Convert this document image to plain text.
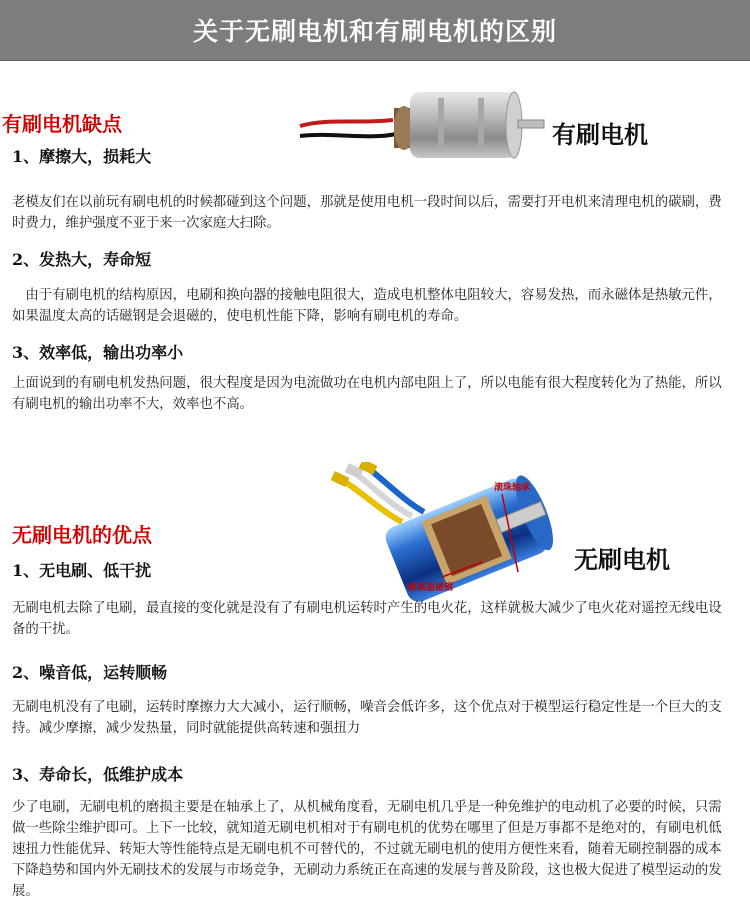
关于无刷电机和有刷电机的区别
有刷电机缺点	有刷电机
1、摩擦大，损耗大

老模友们在以前玩有刷电机的时候都碰到这个问题，那就是使用电机一段时间以后，需要打开电机来清理电机的碳刷，费时费力，维护强度不亚于来一次家庭大扫除。

2、发热大，寿命短

　由于有刷电机的结构原因，电刷和换向器的接触电阻很大，造成电机整体电阻较大，容易发热，而永磁体是热敏元件，如果温度太高的话磁钢是会退磁的，使电机性能下降，影响有刷电机的寿命。

3、效率低，输出功率小

上面说到的有刷电机发热问题，很大程度是因为电流做功在电机内部电阻上了，所以电能有很大程度转化为了热能，所以有刷电机的输出功率不大，效率也不高。

滚珠轴承
耐高温磁钢
无刷电机
无刷电机的优点
1、无电刷、低干扰

无刷电机去除了电刷，最直接的变化就是没有了有刷电机运转时产生的电火花，这样就极大减少了电火花对遥控无线电设备的干扰。

2、噪音低，运转顺畅

无刷电机没有了电刷，运转时摩擦力大大减小，运行顺畅，噪音会低许多，这个优点对于模型运行稳定性是一个巨大的支持。减少摩擦，减少发热量，同时就能提供高转速和强扭力

3、寿命长，低维护成本

少了电刷，无刷电机的磨损主要是在轴承上了，从机械角度看，无刷电机几乎是一种免维护的电动机了必要的时候，只需做一些除尘维护即可。上下一比较，就知道无刷电机相对于有刷电机的优势在哪里了但是万事都不是绝对的，有刷电机低速扭力性能优异、转矩大等性能特点是无刷电机不可替代的，不过就无刷电机的使用方便性来看，随着无刷控制器的成本下降趋势和国内外无刷技术的发展与市场竞争，无刷动力系统正在高速的发展与普及阶段，这也极大促进了模型运动的发展。
